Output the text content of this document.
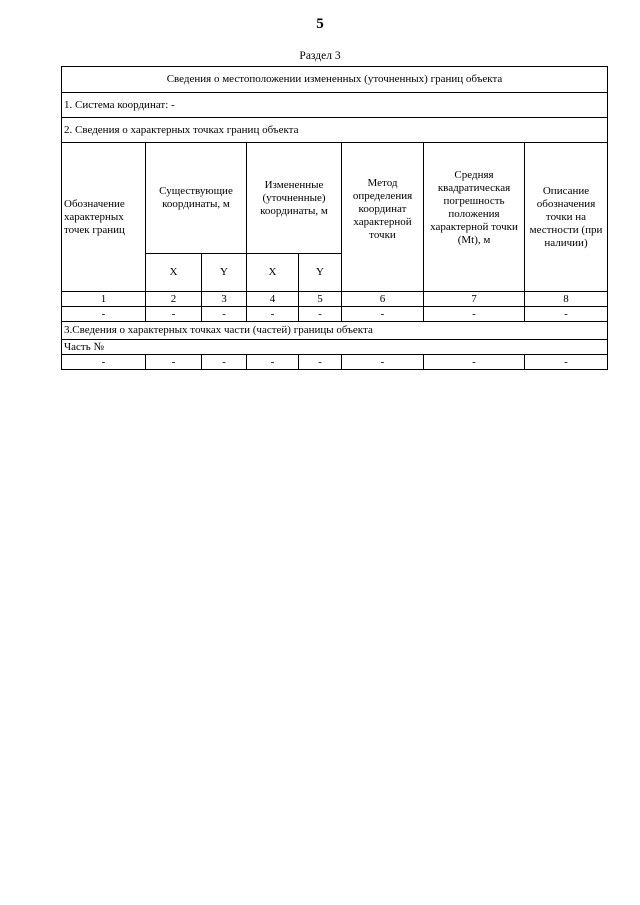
5
Раздел 3
Сведения о местоположении измененных (уточненных) границ объекта							
1. Система координат: -							
2. Сведения о характерных точках границ объекта							
Обозначение характерных точек границ	Существующие координаты, м		Измененные (уточненные) координаты, м		Метод определения координат характерной точки	Средняя квадратическая погрешность положения характерной точки (Mt), м	Описание обозначения точки на местности (при наличии)
	X	Y	X	Y			
1	2	3	4	5	6	7	8
-	-	-	-	-	-	-	-
3.Сведения о характерных точках части (частей) границы объекта							
Часть №							
-	-	-	-	-	-	-	-
